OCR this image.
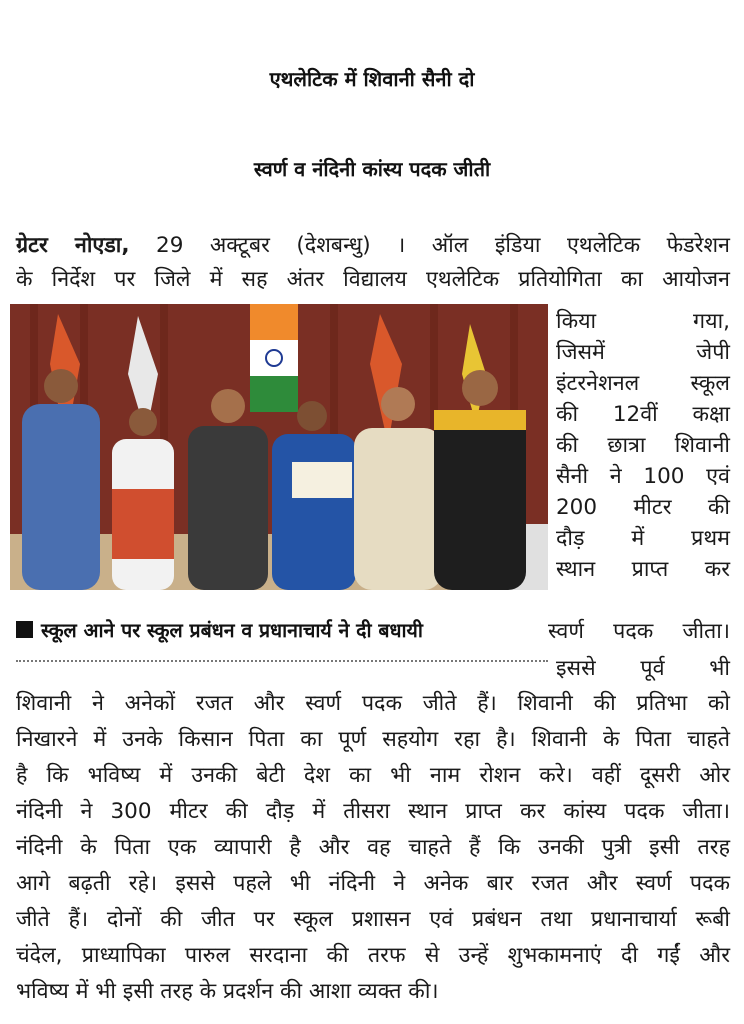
एथलेटिक में शिवानी सैनी दो
स्वर्ण व नंदिनी कांस्य पदक जीती
ग्रेटर नोएडा, 29 अक्टूबर (देशबन्धु) । ऑल इंडिया एथलेटिक फेडरेशन
के निर्देश पर जिले में सह अंतर विद्यालय एथलेटिक प्रतियोगिता का आयोजन
किया गया,
जिसमें जेपी
इंटरनेशनल स्कूल
की 12वीं कक्षा
की छात्रा शिवानी
सैनी ने 100 एवं
200 मीटर की
दौड़ में प्रथम
स्थान प्राप्त कर
स्वर्ण पदक जीता।
इससे पूर्व भी
स्कूल आने पर स्कूल प्रबंधन व प्रधानाचार्य ने दी बधायी
शिवानी ने अनेकों रजत और स्वर्ण पदक जीते हैं। शिवानी की प्रतिभा को
निखारने में उनके किसान पिता का पूर्ण सहयोग रहा है। शिवानी के पिता चाहते
है कि भविष्य में उनकी बेटी देश का भी नाम रोशन करे। वहीं दूसरी ओर
नंदिनी ने 300 मीटर की दौड़ में तीसरा स्थान प्राप्त कर कांस्य पदक जीता।
नंदिनी के पिता एक व्यापारी है और वह चाहते हैं कि उनकी पुत्री इसी तरह
आगे बढ़ती रहे। इससे पहले भी नंदिनी ने अनेक बार रजत और स्वर्ण पदक
जीते हैं। दोनों की जीत पर स्कूल प्रशासन एवं प्रबंधन तथा प्रधानाचार्या रूबी
चंदेल, प्राध्यापिका पारुल सरदाना की तरफ से उन्हें शुभकामनाएं दी गईं और
भविष्य में भी इसी तरह के प्रदर्शन की आशा व्यक्त की।
